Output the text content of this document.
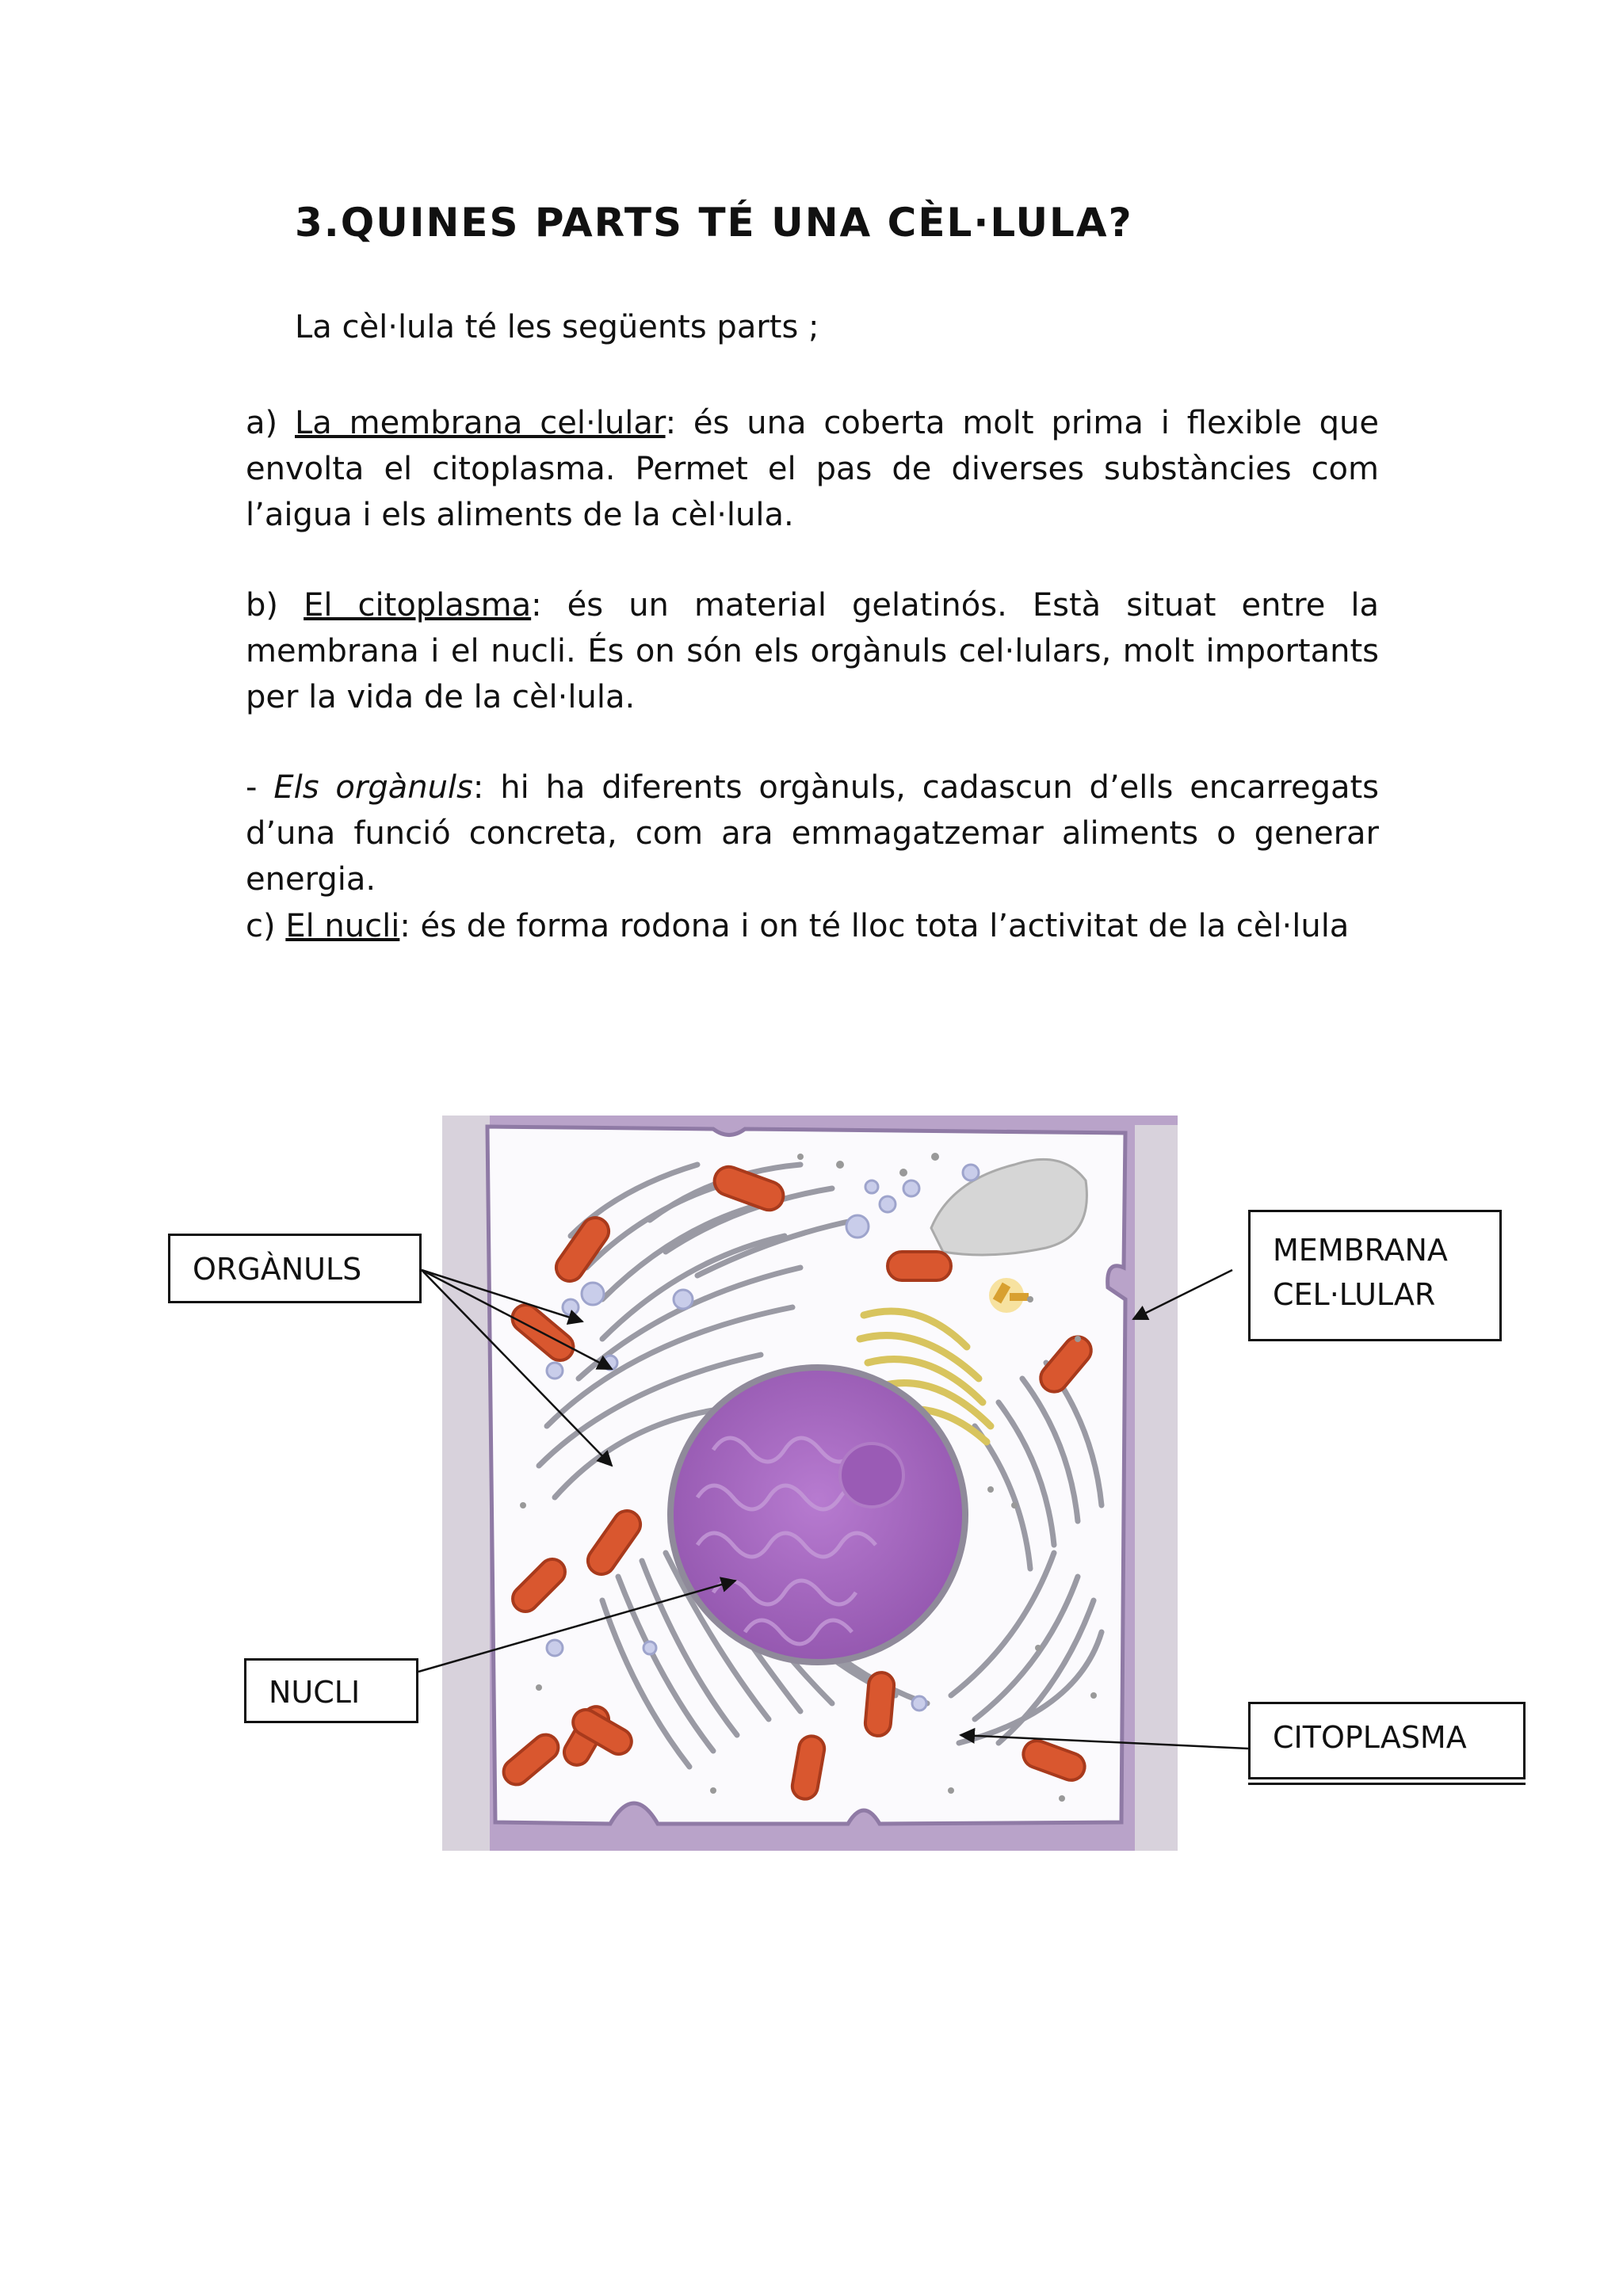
3.QUINES PARTS TÉ UNA CÈL·LULA?

La cèl·lula té les següents parts ;

a) La membrana cel·lular: és una coberta molt prima i flexible que envolta el citoplasma. Permet el pas de diverses substàncies com l’aigua i els aliments de la cèl·lula.

b) El citoplasma: és un material gelatinós. Està situat entre la membrana i el nucli. És on són els orgànuls cel·lulars, molt importants per la vida de la cèl·lula.

- Els orgànuls: hi ha diferents orgànuls, cadascun d’ells encarregats d’una funció concreta, com ara emmagatzemar aliments o generar energia.

c) El nucli: és de forma rodona i on té lloc tota l’activitat de la cèl·lula

ORGÀNULS
MEMBRANA
CEL·LULAR
NUCLI
CITOPLASMA
